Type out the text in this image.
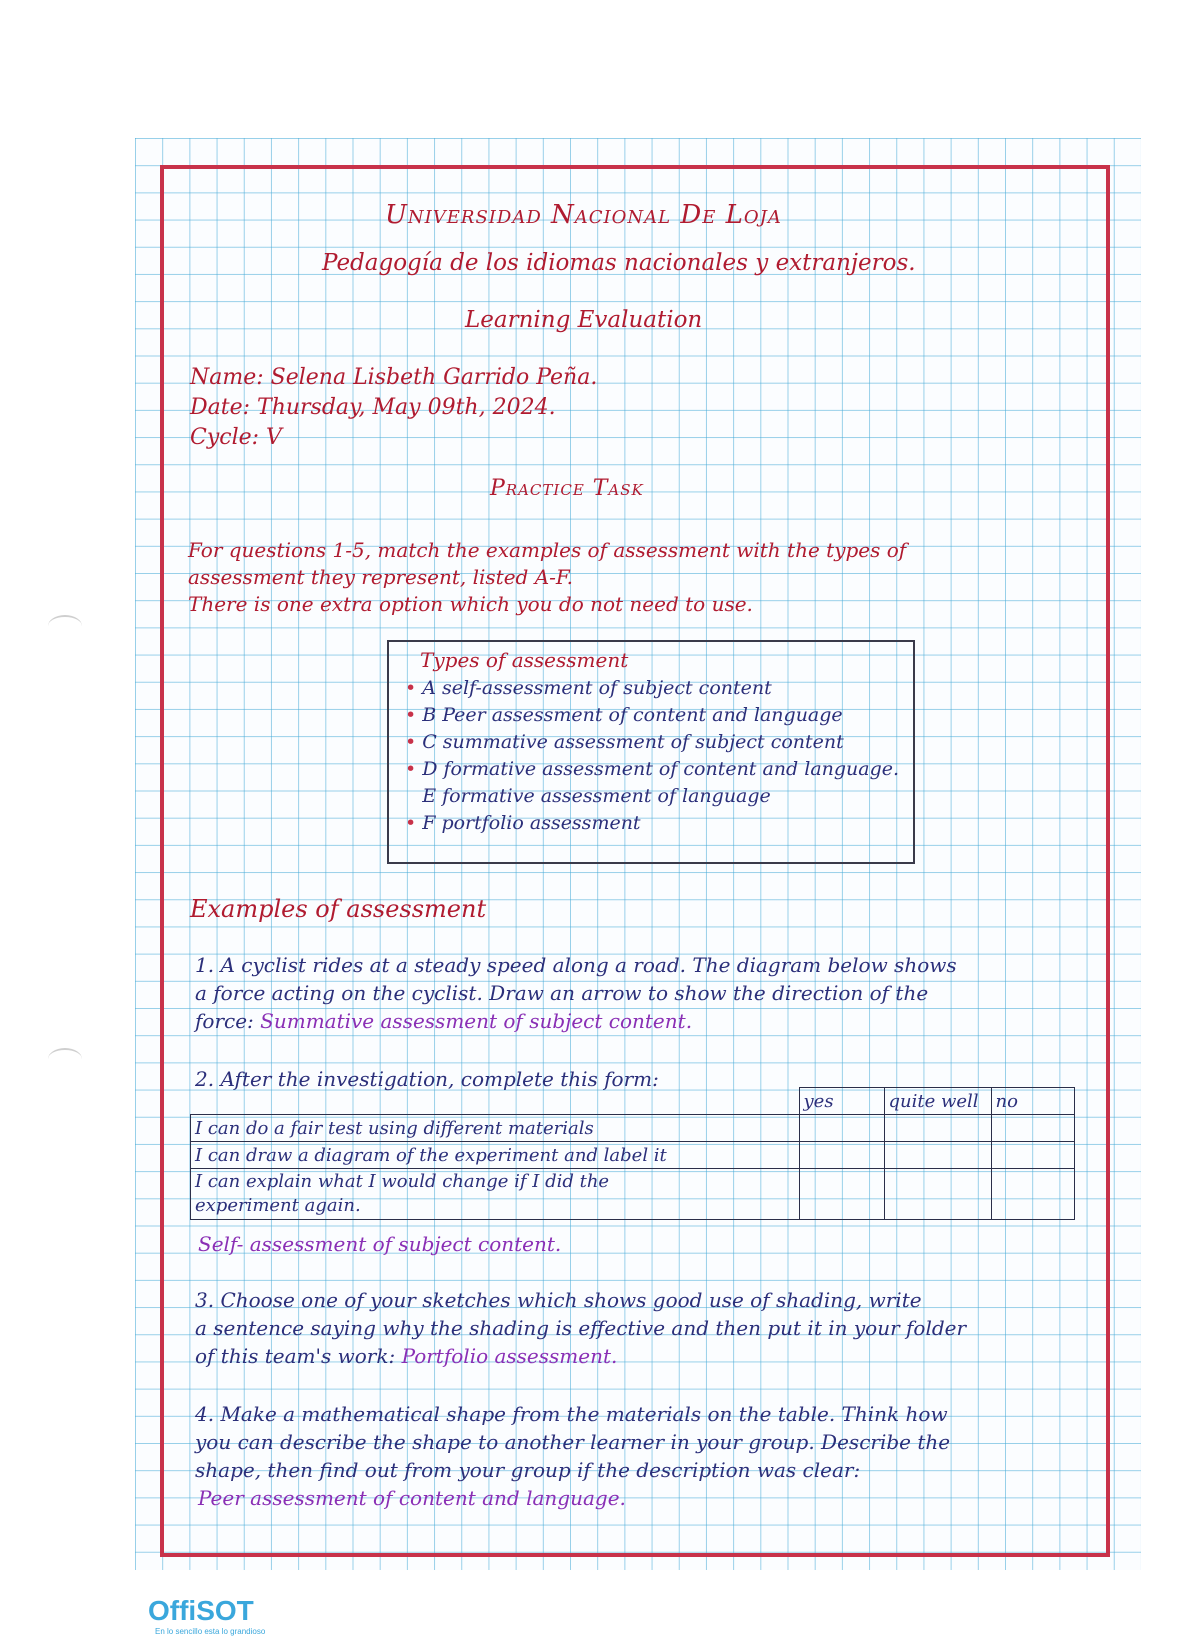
Universidad Nacional De Loja
Pedagogía de los idiomas nacionales y extranjeros.
Learning Evaluation
Name: Selena Lisbeth Garrido Peña.
Date: Thursday, May 09th, 2024.
Cycle: V
Practice Task
For questions 1-5, match the examples of assessment with the types of
assessment they represent, listed A-F.
There is one extra option which you do not need to use.
Types of assessment
• A self-assessment of subject content
• B Peer assessment of content and language
• C summative assessment of subject content
• D formative assessment of content and language.
E formative assessment of language
• F portfolio assessment
Examples of assessment
1. A cyclist rides at a steady speed along a road. The diagram below shows
a force acting on the cyclist. Draw an arrow to show the direction of the
force: Summative assessment of subject content.
2. After the investigation, complete this form:
	yes	quite well	no
I can do a fair test using different materials			
I can draw a diagram of the experiment and label it			
I can explain what I would change if I did the
experiment again.			
Self- assessment of subject content.
3. Choose one of your sketches which shows good use of shading, write
a sentence saying why the shading is effective and then put it in your folder
of this team's work: Portfolio assessment.
4. Make a mathematical shape from the materials on the table. Think how
you can describe the shape to another learner in your group. Describe the
shape, then find out from your group if the description was clear:
Peer assessment of content and language.
OffiSOT
En lo sencillo esta lo grandioso
